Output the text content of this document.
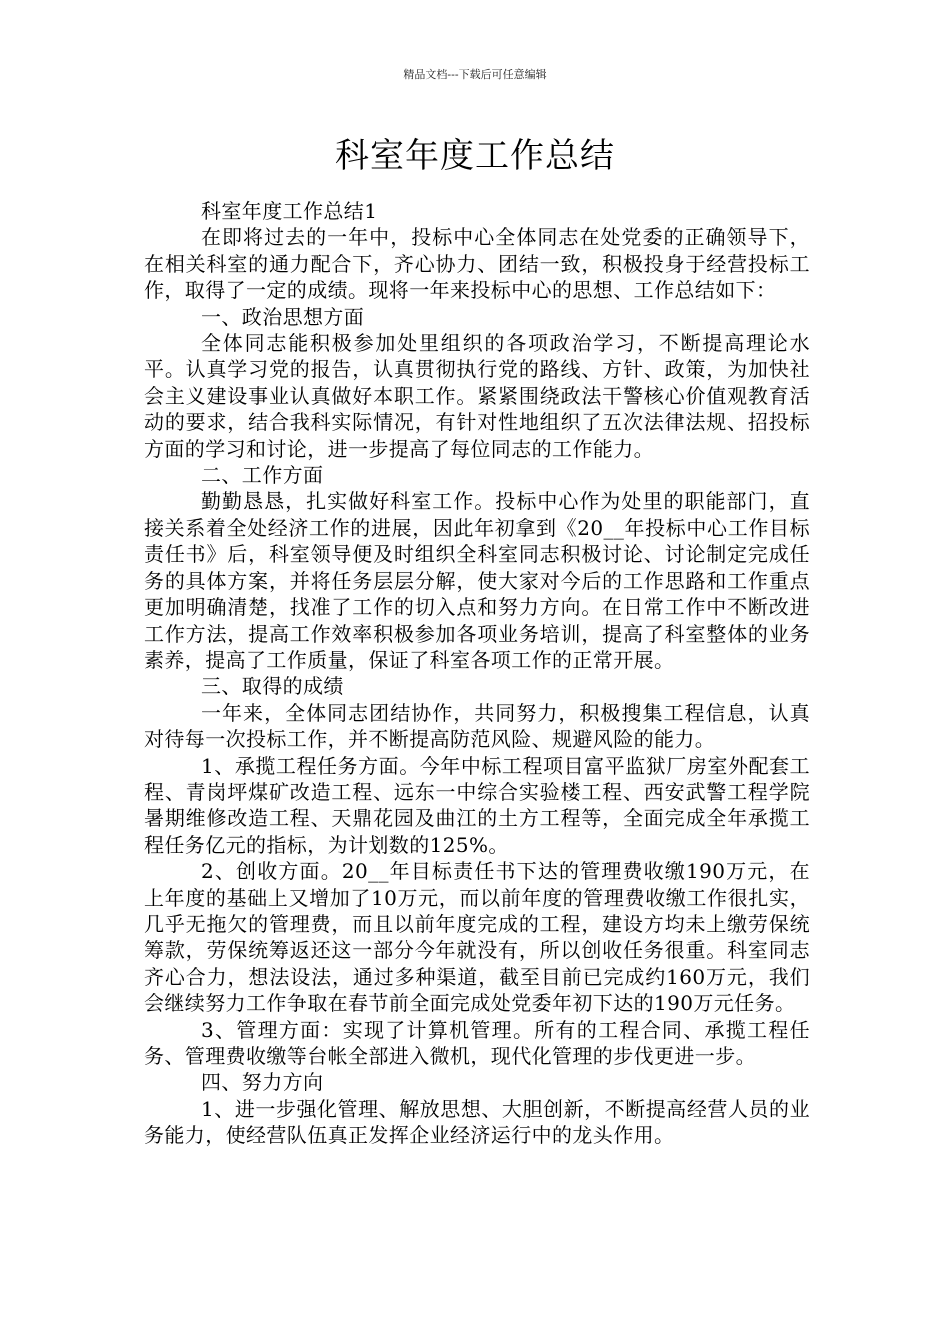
精品文档---下载后可任意编辑
科室年度工作总结

科室年度工作总结1

在即将过去的一年中，投标中心全体同志在处党委的正确领导下，在相关科室的通力配合下，齐心协力、团结一致，积极投身于经营投标工作，取得了一定的成绩。现将一年来投标中心的思想、工作总结如下：

一、政治思想方面

全体同志能积极参加处里组织的各项政治学习，不断提高理论水平。认真学习党的报告，认真贯彻执行党的路线、方针、政策，为加快社会主义建设事业认真做好本职工作。紧紧围绕政法干警核心价值观教育活动的要求，结合我科实际情况，有针对性地组织了五次法律法规、招投标方面的学习和讨论，进一步提高了每位同志的工作能力。

二、工作方面

勤勤恳恳，扎实做好科室工作。投标中心作为处里的职能部门，直接关系着全处经济工作的进展，因此年初拿到《20__年投标中心工作目标责任书》后，科室领导便及时组织全科室同志积极讨论、讨论制定完成任务的具体方案，并将任务层层分解，使大家对今后的工作思路和工作重点更加明确清楚，找准了工作的切入点和努力方向。在日常工作中不断改进工作方法，提高工作效率积极参加各项业务培训，提高了科室整体的业务素养，提高了工作质量，保证了科室各项工作的正常开展。

三、取得的成绩

一年来，全体同志团结协作，共同努力，积极搜集工程信息，认真对待每一次投标工作，并不断提高防范风险、规避风险的能力。

1、承揽工程任务方面。今年中标工程项目富平监狱厂房室外配套工程、青岗坪煤矿改造工程、远东一中综合实验楼工程、西安武警工程学院暑期维修改造工程、天鼎花园及曲江的土方工程等，全面完成全年承揽工程任务亿元的指标，为计划数的125%。

2、创收方面。20__年目标责任书下达的管理费收缴190万元，在上年度的基础上又增加了10万元，而以前年度的管理费收缴工作很扎实，几乎无拖欠的管理费，而且以前年度完成的工程，建设方均未上缴劳保统筹款，劳保统筹返还这一部分今年就没有，所以创收任务很重。科室同志齐心合力，想法设法，通过多种渠道，截至目前已完成约160万元，我们会继续努力工作争取在春节前全面完成处党委年初下达的190万元任务。

3、管理方面：实现了计算机管理。所有的工程合同、承揽工程任务、管理费收缴等台帐全部进入微机，现代化管理的步伐更进一步。

四、努力方向

1、进一步强化管理、解放思想、大胆创新，不断提高经营人员的业务能力，使经营队伍真正发挥企业经济运行中的龙头作用。
